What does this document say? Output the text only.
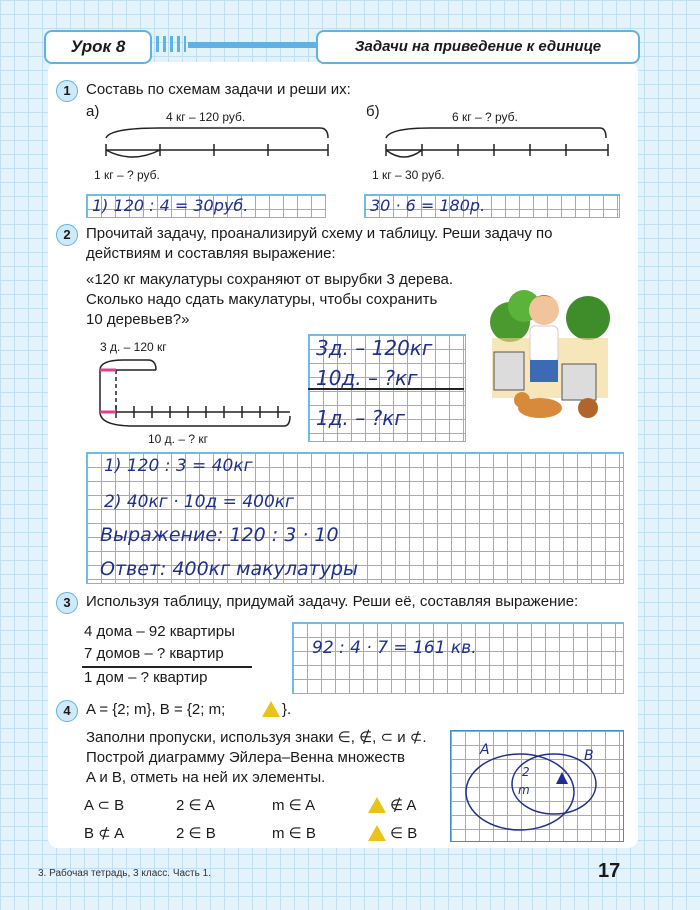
Урок 8	Задачи на приведение к единице
1	Составь по схемам задачи и реши их:
а)	б)
4 кг – 120 руб.	6 кг – ? руб.
1 кг – ? руб.	1 кг – 30 руб.
1) 120 : 4 = 30руб.	30 · 6 = 180р.
2	Прочитай задачу, проанализируй схему и таблицу. Реши задачу по
действиям и составляя выражение:
«120 кг макулатуры сохраняют от вырубки 3 дерева.
Сколько надо сдать макулатуры, чтобы сохранить
10 деревьев?»
3 д. – 120 кг
10 д. – ? кг
3д. – 120кг
10д. – ?кг
1д. – ?кг
1) 120 : 3 = 40кг
2) 40кг · 10д = 400кг
Выражение: 120 : 3 · 10
Ответ: 400кг макулатуры
3	Используя таблицу, придумай задачу. Реши её, составляя выражение:
4 дома – 92 квартиры
7 домов – ? квартир
1 дом – ? квартир
92 : 4 · 7 = 161 кв.
4	A = {2; m}, B = {2; m;	}.
Заполни пропуски, используя знаки ∈, ∉, ⊂ и ⊄.
Построй диаграмму Эйлера–Венна множеств
A и B, отметь на ней их элементы.
A ⊂ B	2 ∈ A	m ∈ A	∉ A
B ⊄ A	2 ∈ B	m ∈ B	∈ B
A	B
2
m
3. Рабочая тетрадь, 3 класс. Часть 1.	17
